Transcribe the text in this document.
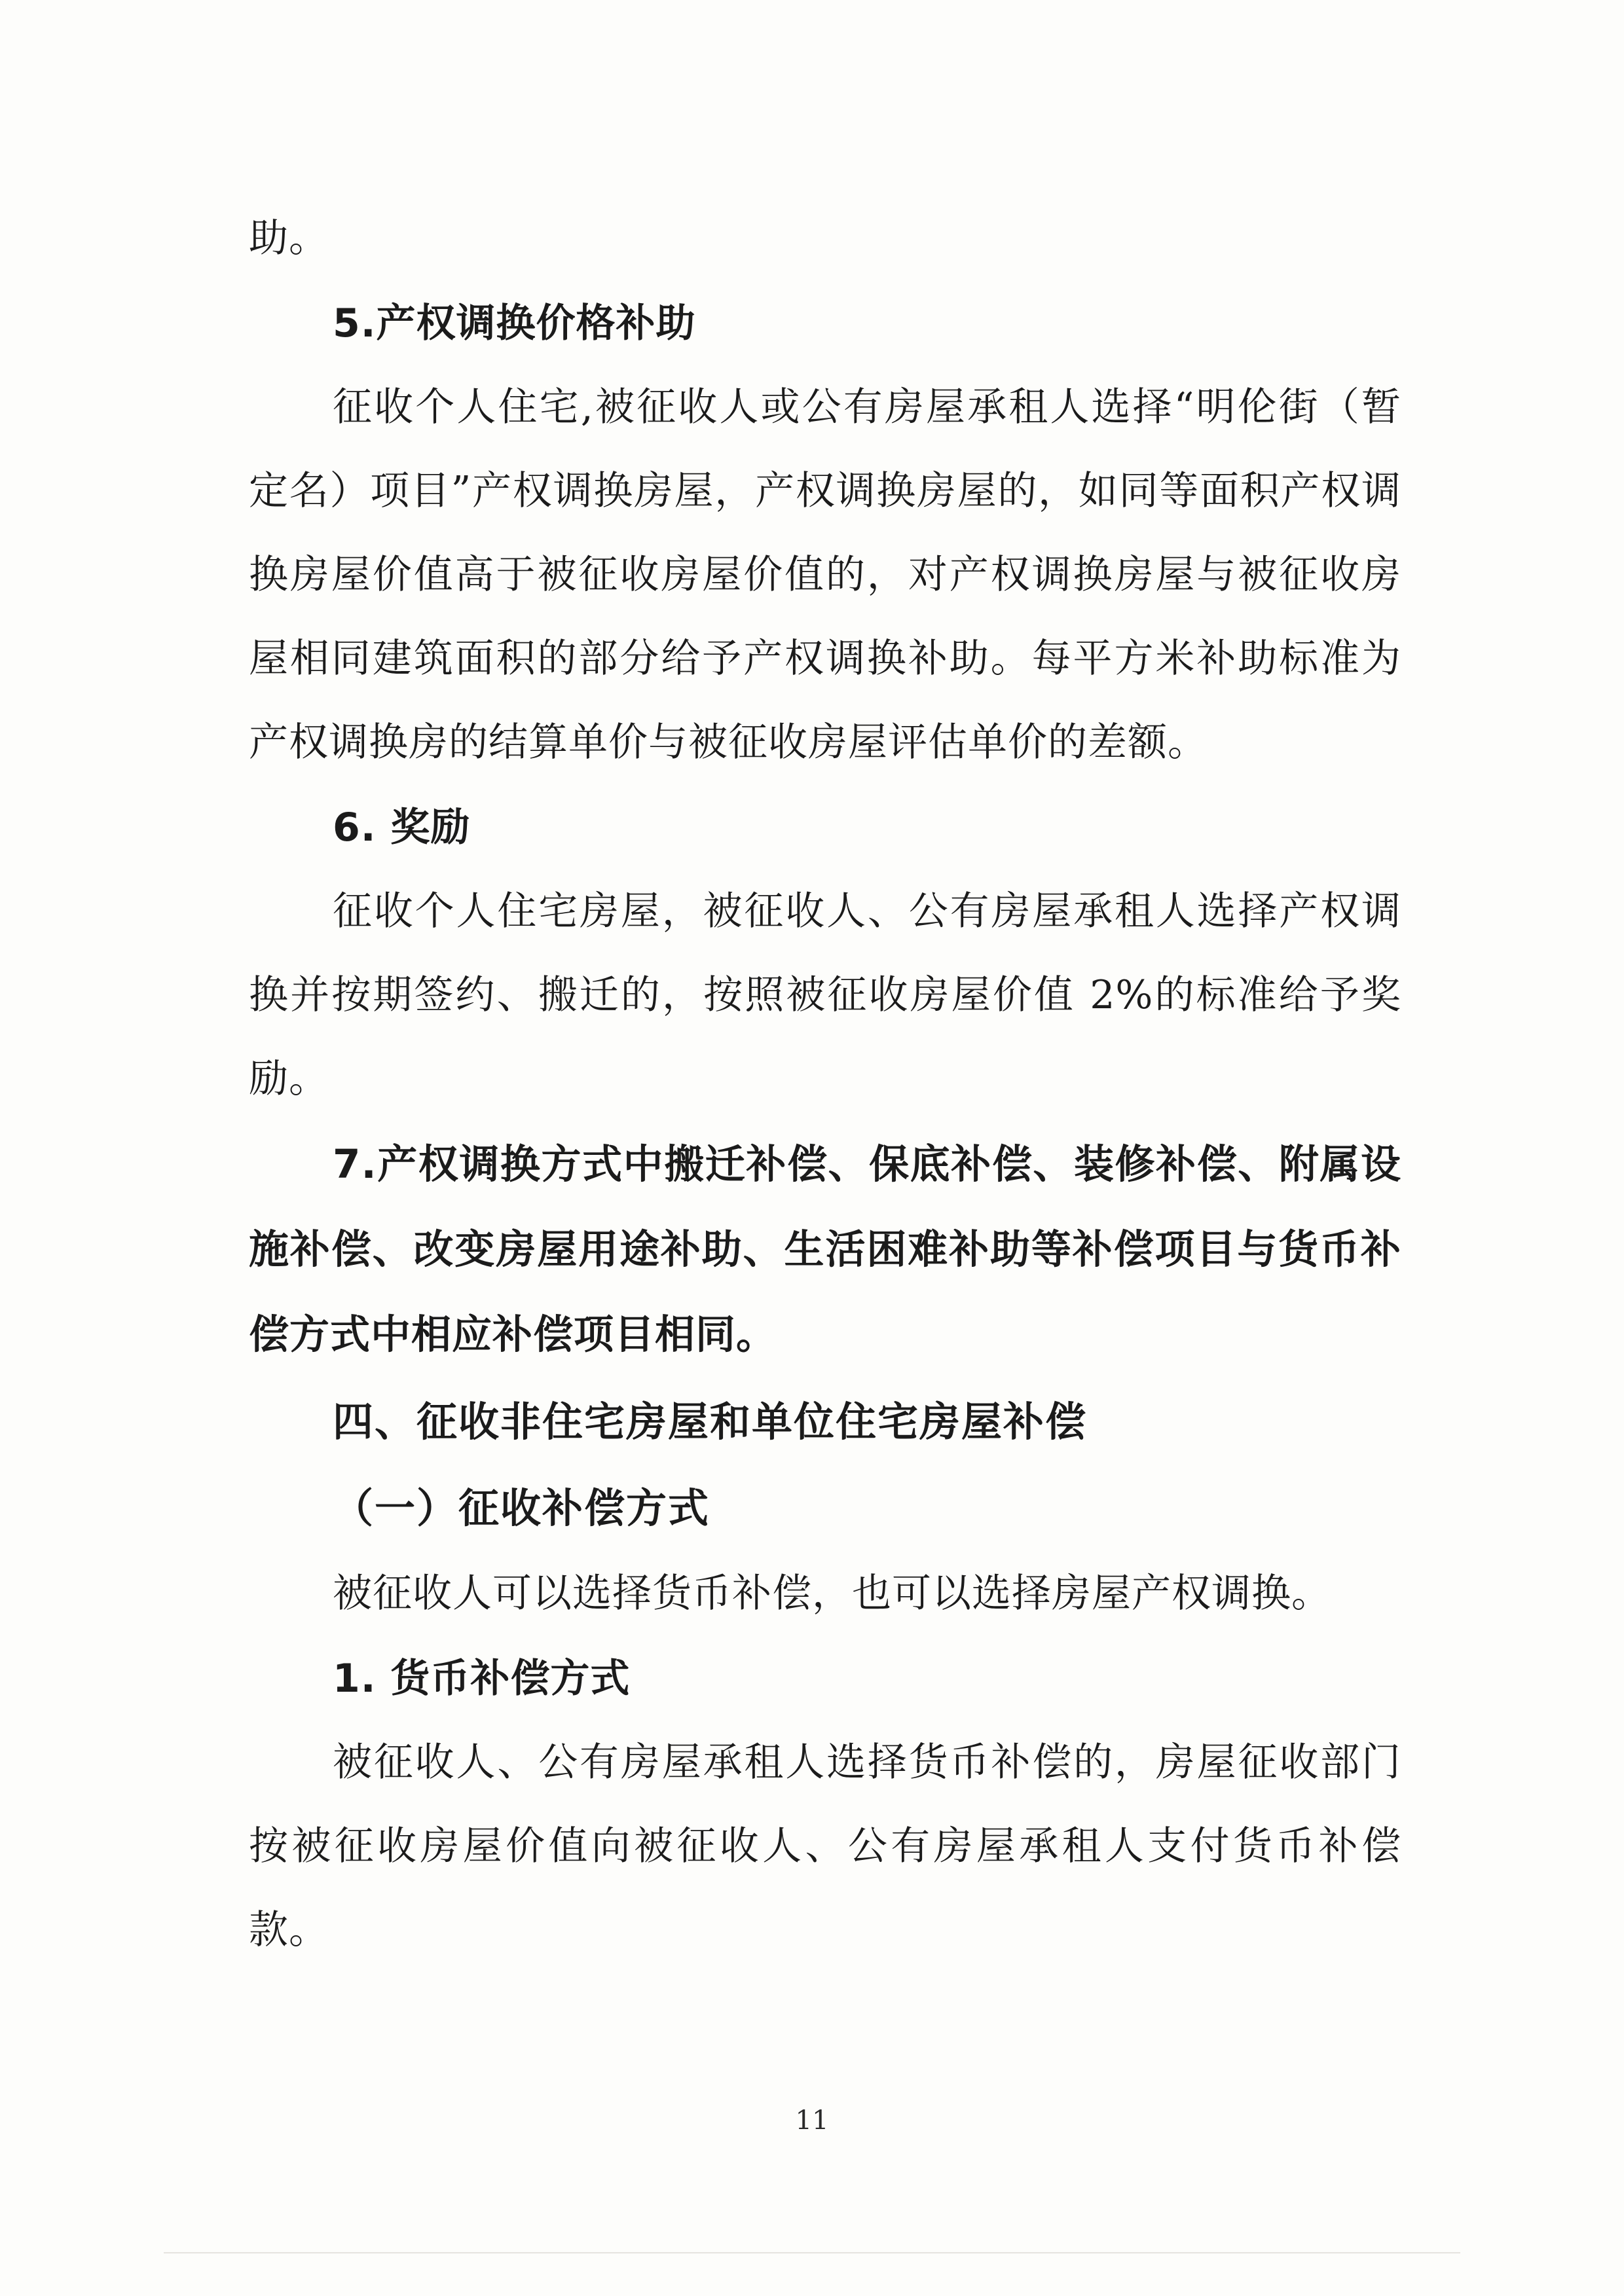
助。

5.产权调换价格补助

征收个人住宅,被征收人或公有房屋承租人选择“明伦街（暂定名）项目”产权调换房屋，产权调换房屋的，如同等面积产权调换房屋价值高于被征收房屋价值的，对产权调换房屋与被征收房屋相同建筑面积的部分给予产权调换补助。每平方米补助标准为产权调换房的结算单价与被征收房屋评估单价的差额。

6. 奖励

征收个人住宅房屋，被征收人、公有房屋承租人选择产权调换并按期签约、搬迁的，按照被征收房屋价值 2%的标准给予奖励。

7.产权调换方式中搬迁补偿、保底补偿、装修补偿、附属设施补偿、改变房屋用途补助、生活困难补助等补偿项目与货币补偿方式中相应补偿项目相同。

四、征收非住宅房屋和单位住宅房屋补偿

（一）征收补偿方式

被征收人可以选择货币补偿，也可以选择房屋产权调换。

1. 货币补偿方式

被征收人、公有房屋承租人选择货币补偿的，房屋征收部门按被征收房屋价值向被征收人、公有房屋承租人支付货币补偿款。

11
